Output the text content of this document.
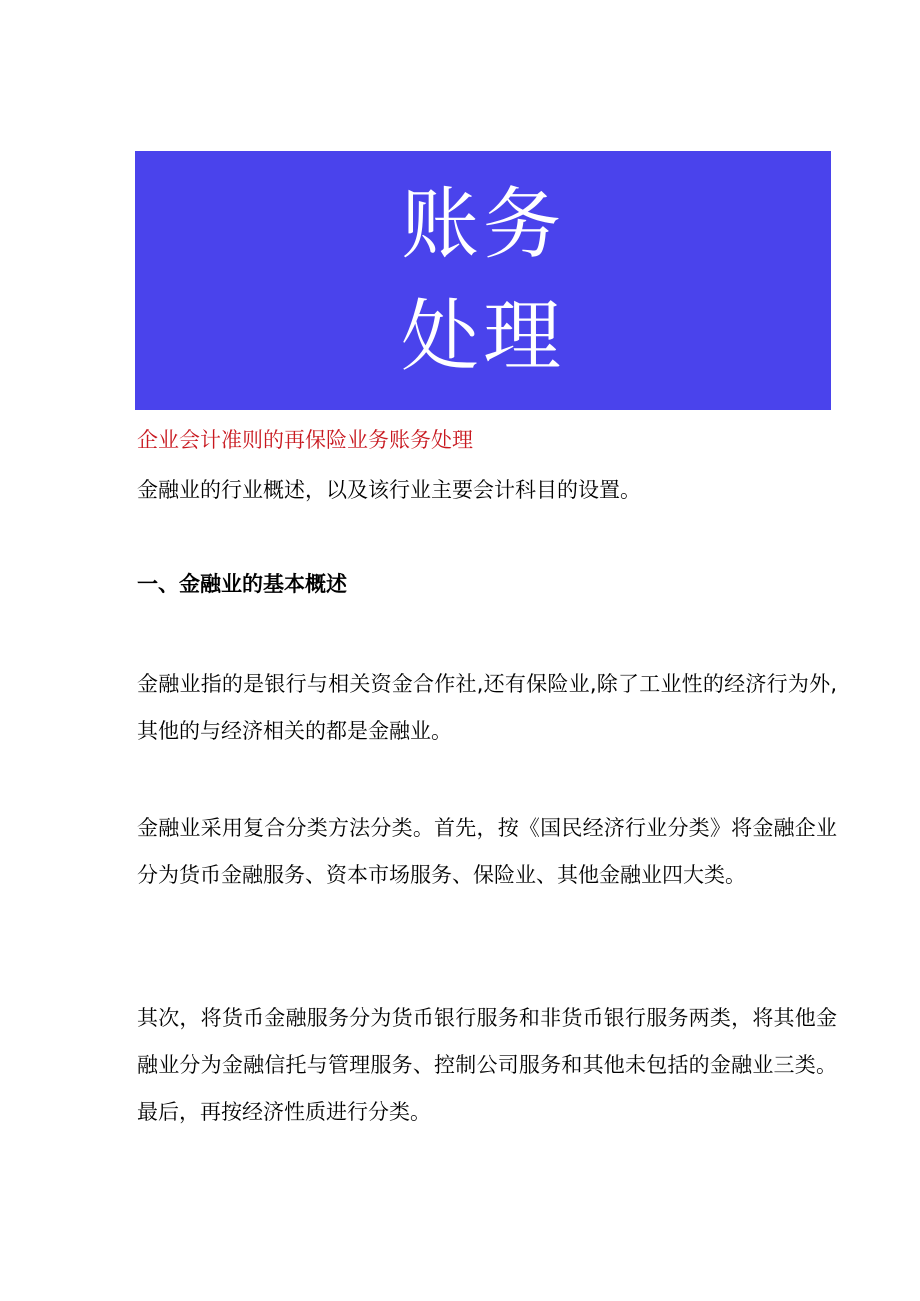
账务
处理
企业会计准则的再保险业务账务处理
金融业的行业概述，以及该行业主要会计科目的设置。
一、金融业的基本概述

金融业指的是银行与相关资金合作社,还有保险业,除了工业性的经济行为外,其他的与经济相关的都是金融业。

金融业采用复合分类方法分类。首先，按《国民经济行业分类》将金融企业分为货币金融服务、资本市场服务、保险业、其他金融业四大类。

其次，将货币金融服务分为货币银行服务和非货币银行服务两类，将其他金融业分为金融信托与管理服务、控制公司服务和其他未包括的金融业三类。最后，再按经济性质进行分类。
